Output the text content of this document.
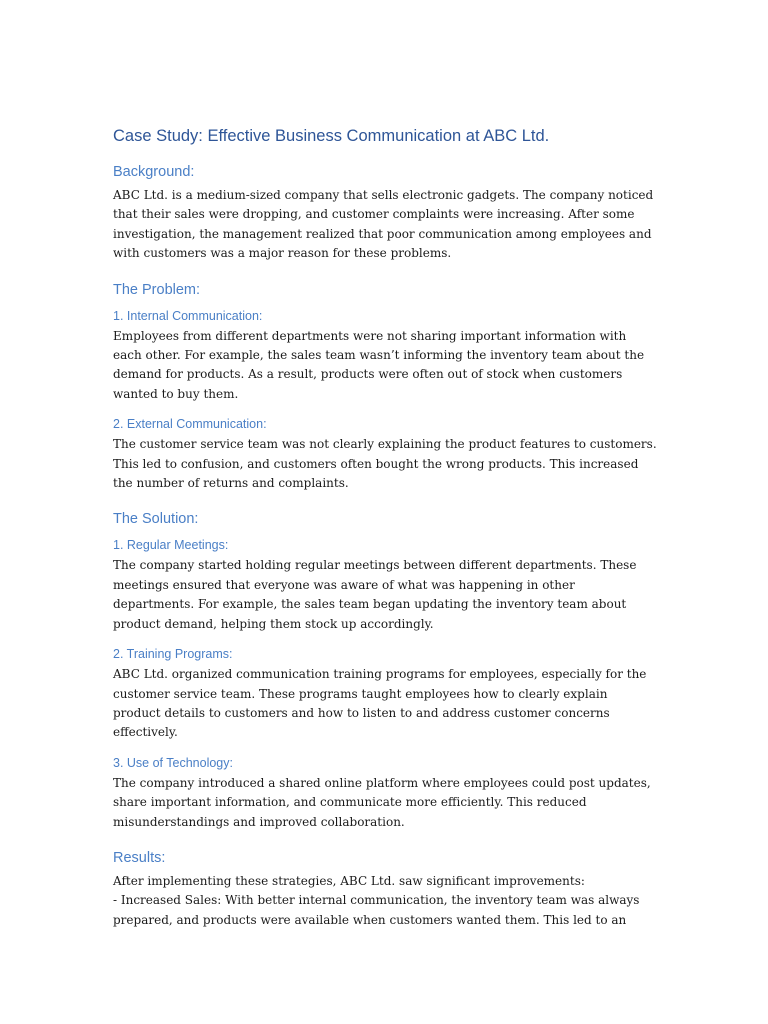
Case Study: Effective Business Communication at ABC Ltd.
Background:

ABC Ltd. is a medium-sized company that sells electronic gadgets. The company noticed that their sales were dropping, and customer complaints were increasing. After some investigation, the management realized that poor communication among employees and with customers was a major reason for these problems.

The Problem:
1. Internal Communication:

Employees from different departments were not sharing important information with each other. For example, the sales team wasn’t informing the inventory team about the demand for products. As a result, products were often out of stock when customers wanted to buy them.

2. External Communication:

The customer service team was not clearly explaining the product features to customers. This led to confusion, and customers often bought the wrong products. This increased the number of returns and complaints.

The Solution:
1. Regular Meetings:

The company started holding regular meetings between different departments. These meetings ensured that everyone was aware of what was happening in other departments. For example, the sales team began updating the inventory team about product demand, helping them stock up accordingly.

2. Training Programs:

ABC Ltd. organized communication training programs for employees, especially for the customer service team. These programs taught employees how to clearly explain product details to customers and how to listen to and address customer concerns effectively.

3. Use of Technology:

The company introduced a shared online platform where employees could post updates, share important information, and communicate more efficiently. This reduced misunderstandings and improved collaboration.

Results:

After implementing these strategies, ABC Ltd. saw significant improvements:
- Increased Sales: With better internal communication, the inventory team was always prepared, and products were available when customers wanted them. This led to an
